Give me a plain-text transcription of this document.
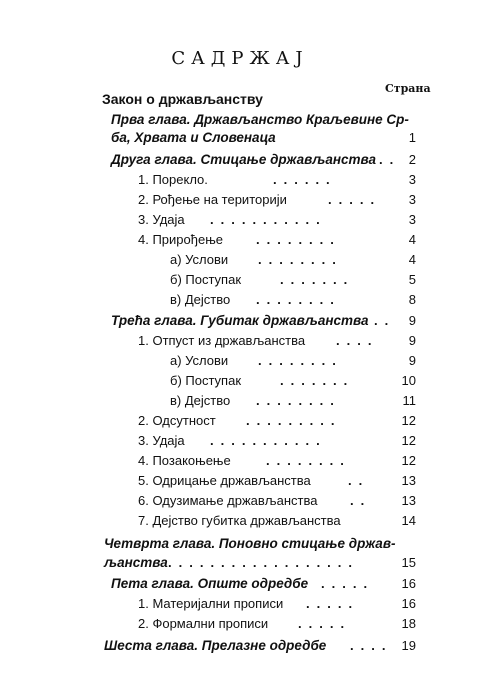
САДРЖАЈ
Страна
Закон о држављанству
Прва глава. Држављанство Краљевине Ср-
ба, Хрвата и Словенаца	1
Друга глава. Стицање држављанства .. 2
1. Порекло.	......	3
2. Рођење на територији	..... 3
3. Удаја ...........	3
4. Прирођење	........	4
а) Услови ........	4
б) Поступак	.......	5
в) Дејство ........	8
Трећа глава. Губитак држављанства .. 9
1. Отпуст из држављанства .... 9
а) Услови ........	9
б) Поступак	.......	10
в) Дејство ........	11
2. Одсутност .........	12
3. Удаја ...........	12
4. Позакоњење	........	12
5. Одрицање држављанства	.. 13
6. Одузимање држављанства	.. 13
7. Дејство губитка држављанства	14
Четврта глава. Поновно стицање држав-
љанства ..................	15
Пета глава. Опште одредбе ..... 16
1. Материјални прописи .....	16
2. Формални прописи .....	18
Шеста глава. Прелазне одредбе .... 19
